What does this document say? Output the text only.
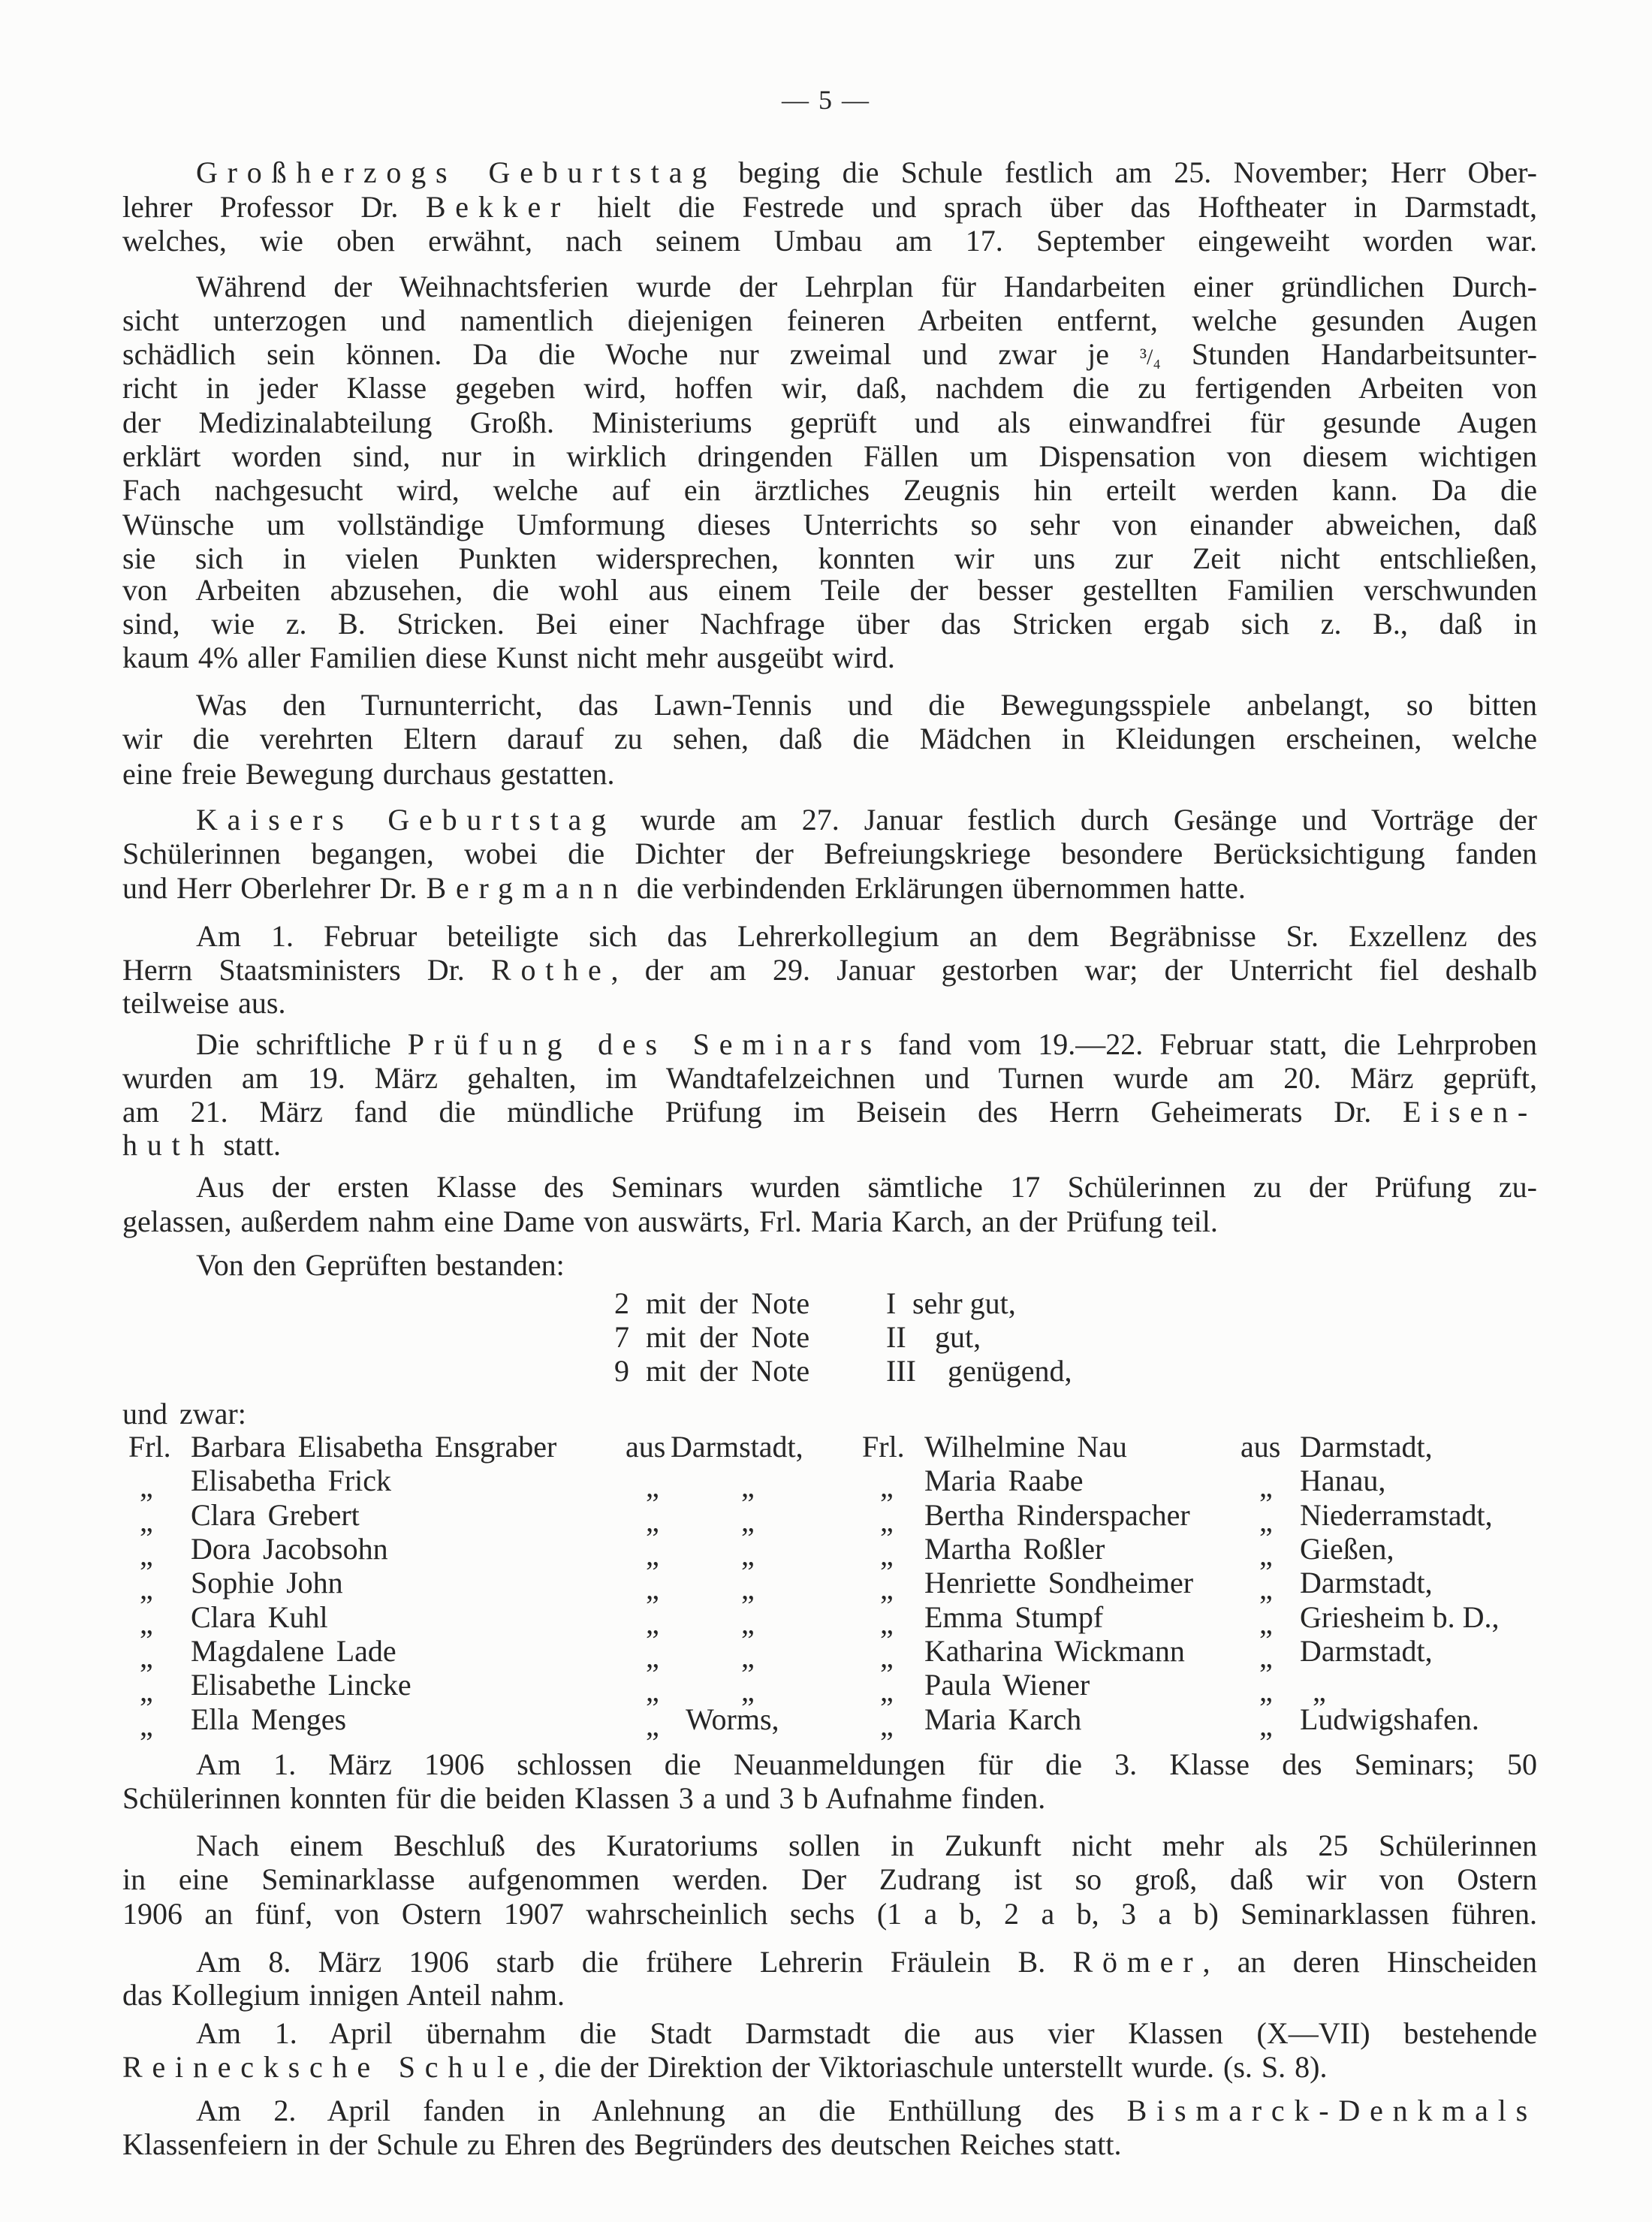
— 5 —
Großherzogs Geburtstag beging die Schule festlich am 25. November; Herr Ober-
lehrer Professor Dr. Bekker hielt die Festrede und sprach über das Hoftheater in Darmstadt,
welches, wie oben erwähnt, nach seinem Umbau am 17. September eingeweiht worden war.
Während der Weihnachtsferien wurde der Lehrplan für Handarbeiten einer gründlichen Durch-
sicht unterzogen und namentlich diejenigen feineren Arbeiten entfernt, welche gesunden Augen
schädlich sein können. Da die Woche nur zweimal und zwar je ³/₄ Stunden Handarbeitsunter-
richt in jeder Klasse gegeben wird, hoffen wir, daß, nachdem die zu fertigenden Arbeiten von
der Medizinalabteilung Großh. Ministeriums geprüft und als einwandfrei für gesunde Augen
erklärt worden sind, nur in wirklich dringenden Fällen um Dispensation von diesem wichtigen
Fach nachgesucht wird, welche auf ein ärztliches Zeugnis hin erteilt werden kann. Da die
Wünsche um vollständige Umformung dieses Unterrichts so sehr von einander abweichen, daß
sie sich in vielen Punkten widersprechen, konnten wir uns zur Zeit nicht entschließen,
von Arbeiten abzusehen, die wohl aus einem Teile der besser gestellten Familien verschwunden
sind, wie z. B. Stricken. Bei einer Nachfrage über das Stricken ergab sich z. B., daß in
kaum 4% aller Familien diese Kunst nicht mehr ausgeübt wird.
Was den Turnunterricht, das Lawn-Tennis und die Bewegungsspiele anbelangt, so bitten
wir die verehrten Eltern darauf zu sehen, daß die Mädchen in Kleidungen erscheinen, welche
eine freie Bewegung durchaus gestatten.
Kaisers Geburtstag wurde am 27. Januar festlich durch Gesänge und Vorträge der
Schülerinnen begangen, wobei die Dichter der Befreiungskriege besondere Berücksichtigung fanden
und Herr Oberlehrer Dr. Bergmann die verbindenden Erklärungen übernommen hatte.
Am 1. Februar beteiligte sich das Lehrerkollegium an dem Begräbnisse Sr. Exzellenz des
Herrn Staatsministers Dr. Rothe, der am 29. Januar gestorben war; der Unterricht fiel deshalb
teilweise aus.
Die schriftliche Prüfung des Seminars fand vom 19.—22. Februar statt, die Lehrproben
wurden am 19. März gehalten, im Wandtafelzeichnen und Turnen wurde am 20. März geprüft,
am 21. März fand die mündliche Prüfung im Beisein des Herrn Geheimerats Dr. Eisen-
huth statt.
Aus der ersten Klasse des Seminars wurden sämtliche 17 Schülerinnen zu der Prüfung zu-
gelassen, außerdem nahm eine Dame von auswärts, Frl. Maria Karch, an der Prüfung teil.
Von den Geprüften bestanden:
2 mit der Note	I sehr gut,
7 mit der Note	II gut,
9 mit der Note	III genügend,
und zwar:
Frl. Barbara Elisabetha Ensgraber aus Darmstadt,
„ Elisabetha Frick	„	„
„ Clara Grebert	„	„
„ Dora Jacobsohn	„	„
„ Sophie John	„	„
„ Clara Kuhl	„	„
„ Magdalene Lade	„	„
„ Elisabethe Lincke	„	„
„ Ella Menges	„ Worms,
Frl. Wilhelmine Nau	aus Darmstadt,
„ Maria Raabe	„ Hanau,
„ Bertha Rinderspacher „ Niederramstadt,
„ Martha Roßler	„ Gießen,
„ Henriette Sondheimer „ Darmstadt,
„ Emma Stumpf	„ Griesheim b. D.,
„ Katharina Wickmann „ Darmstadt,
„ Paula Wiener	„ „
„ Maria Karch	„ Ludwigshafen.
Am 1. März 1906 schlossen die Neuanmeldungen für die 3. Klasse des Seminars; 50
Schülerinnen konnten für die beiden Klassen 3 a und 3 b Aufnahme finden.
Nach einem Beschluß des Kuratoriums sollen in Zukunft nicht mehr als 25 Schülerinnen
in eine Seminarklasse aufgenommen werden. Der Zudrang ist so groß, daß wir von Ostern
1906 an fünf, von Ostern 1907 wahrscheinlich sechs (1 a b, 2 a b, 3 a b) Seminarklassen führen.
Am 8. März 1906 starb die frühere Lehrerin Fräulein B. Römer, an deren Hinscheiden
das Kollegium innigen Anteil nahm.
Am 1. April übernahm die Stadt Darmstadt die aus vier Klassen (X—VII) bestehende
Reinecksche Schule, die der Direktion der Viktoriaschule unterstellt wurde. (s. S. 8).
Am 2. April fanden in Anlehnung an die Enthüllung des Bismarck-Denkmals
Klassenfeiern in der Schule zu Ehren des Begründers des deutschen Reiches statt.
